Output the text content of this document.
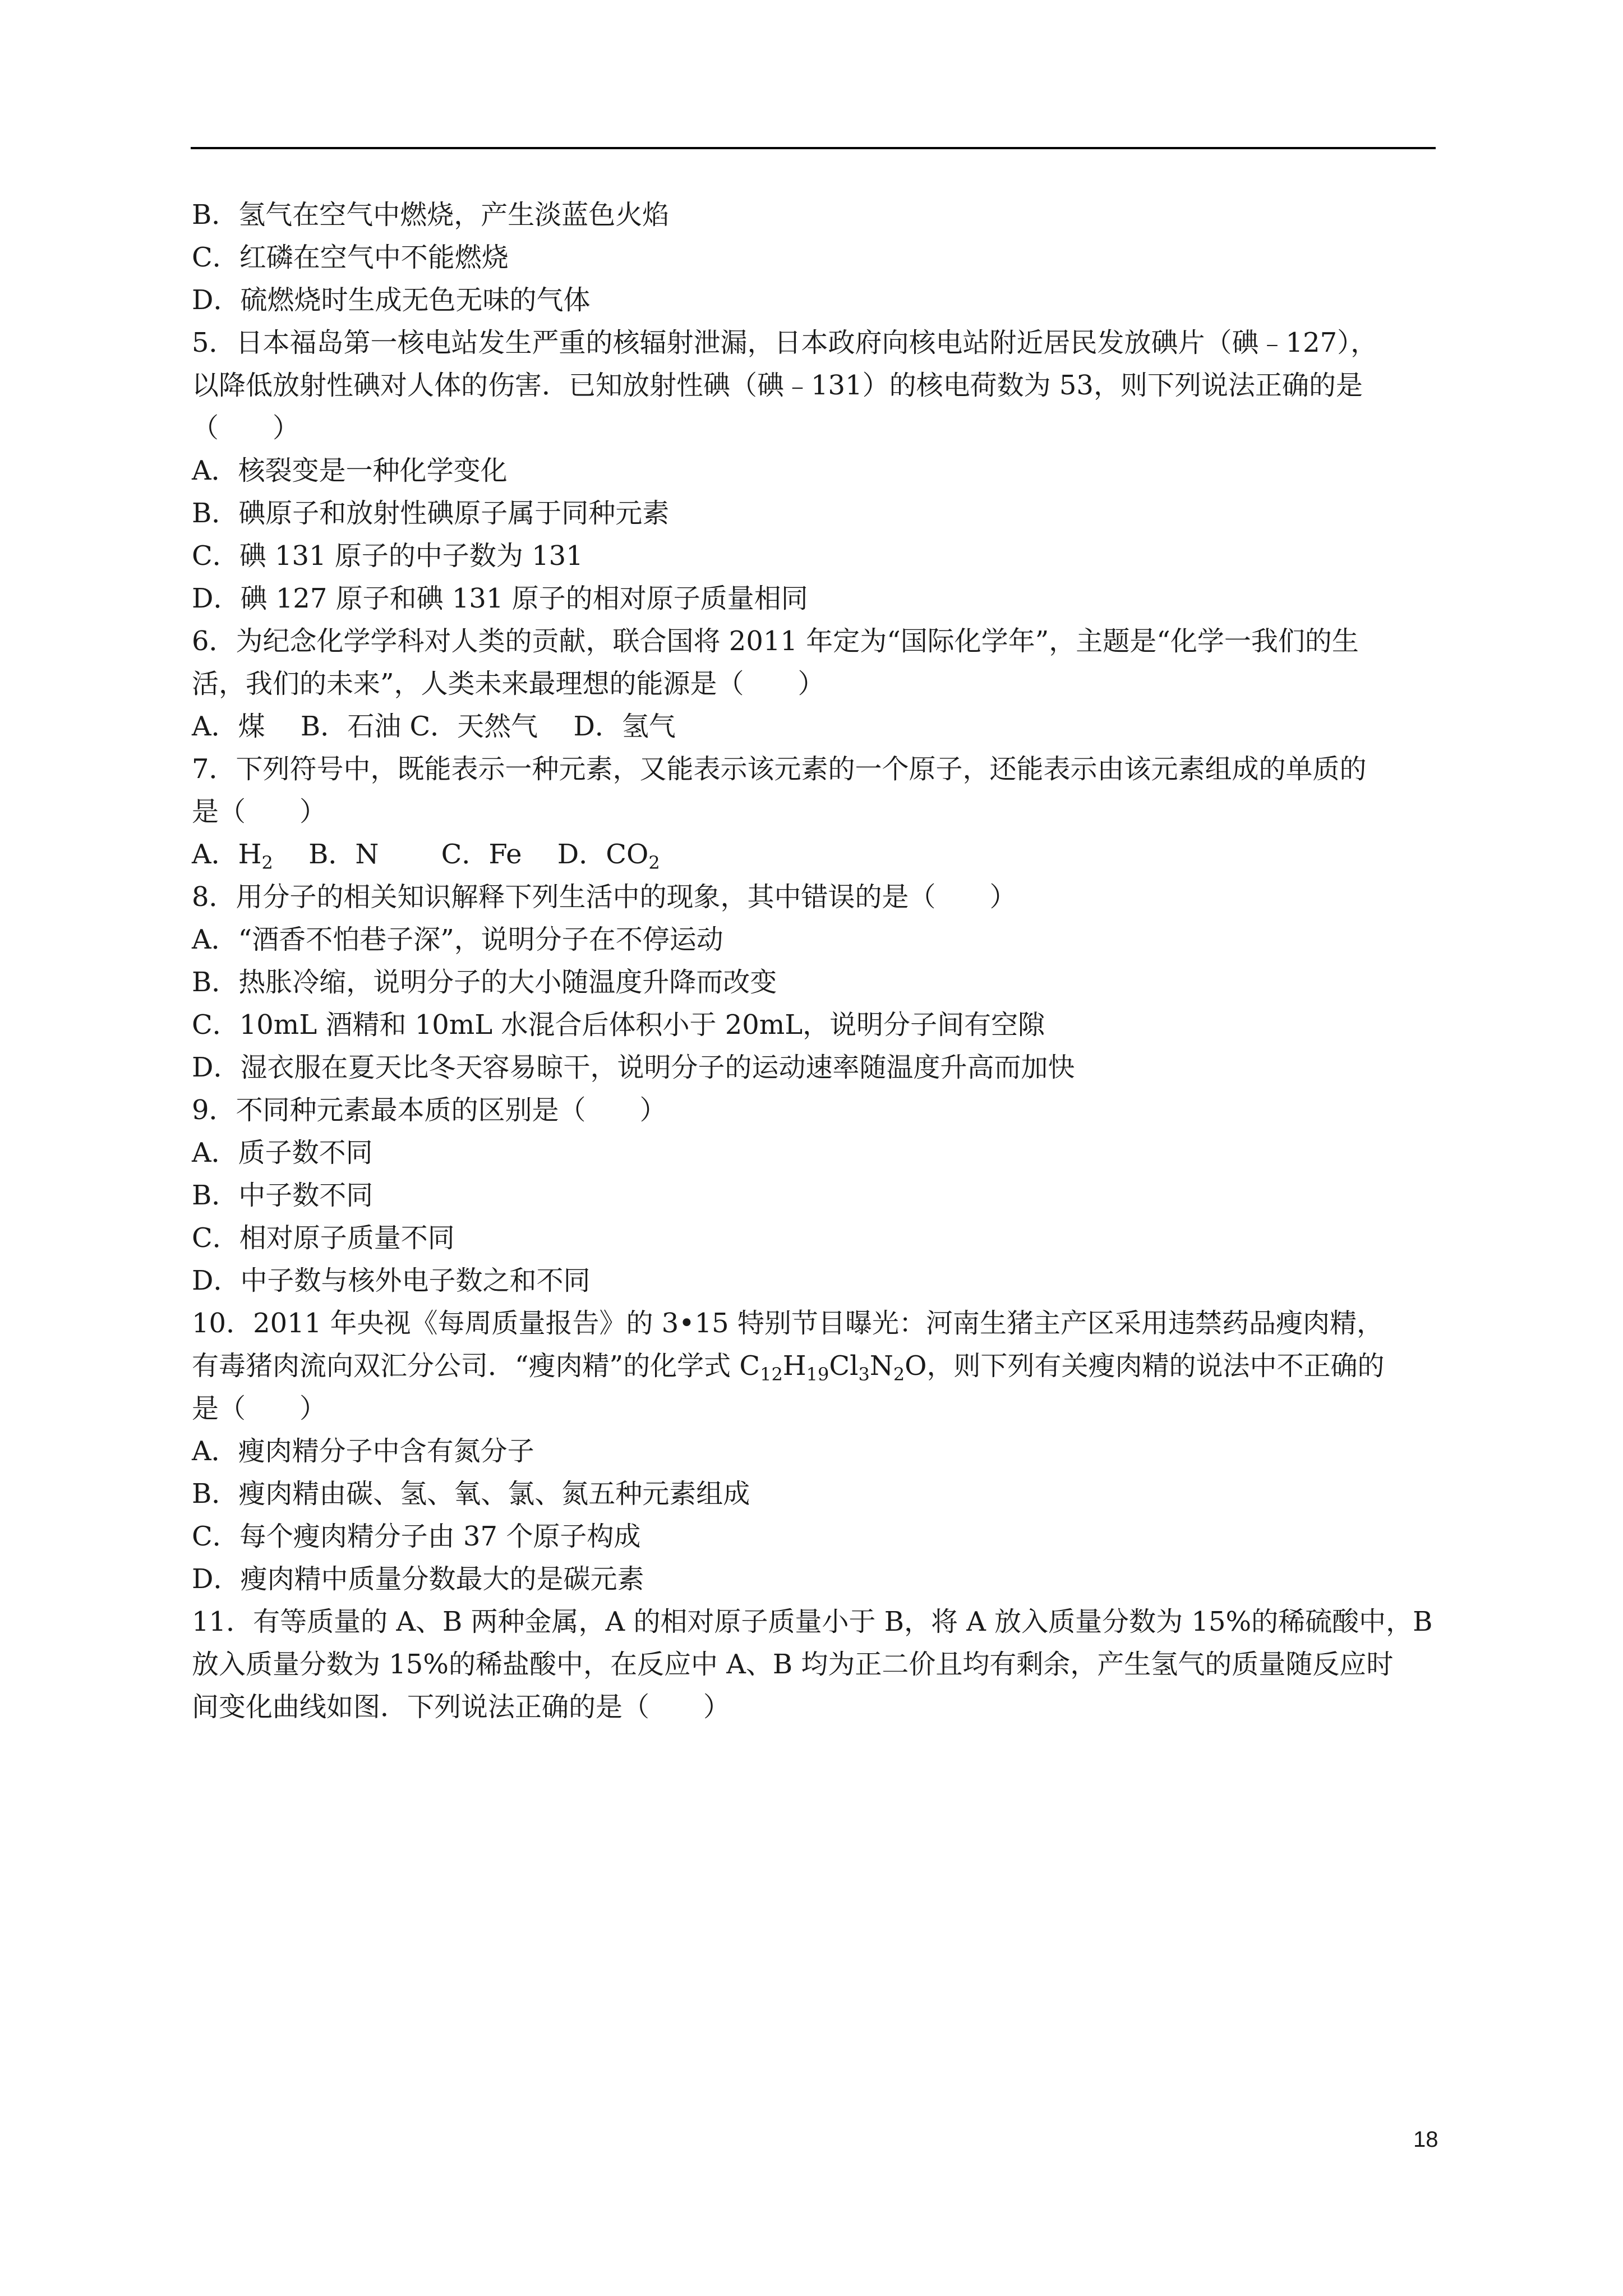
B．氢气在空气中燃烧，产生淡蓝色火焰
C．红磷在空气中不能燃烧
D．硫燃烧时生成无色无味的气体
5．日本福岛第一核电站发生严重的核辐射泄漏，日本政府向核电站附近居民发放碘片（碘﹣127），
以降低放射性碘对人体的伤害．已知放射性碘（碘﹣131）的核电荷数为 53，则下列说法正确的是
（　　）
A．核裂变是一种化学变化
B．碘原子和放射性碘原子属于同种元素
C．碘 131 原子的中子数为 131
D．碘 127 原子和碘 131 原子的相对原子质量相同
6．为纪念化学学科对人类的贡献，联合国将 2011 年定为“国际化学年”，主题是“化学一我们的生
活，我们的未来”，人类未来最理想的能源是（　　）
A．煤　 B．石油 C．天然气　 D．氢气
7．下列符号中，既能表示一种元素，又能表示该元素的一个原子，还能表示由该元素组成的单质的
是（　　）
A．$H_2$　 B．N　　 C．Fe　 D．$CO_2$
8．用分子的相关知识解释下列生活中的现象，其中错误的是（　　）
A．“酒香不怕巷子深”，说明分子在不停运动
B．热胀冷缩，说明分子的大小随温度升降而改变
C．10mL 酒精和 10mL 水混合后体积小于 20mL，说明分子间有空隙
D．湿衣服在夏天比冬天容易晾干，说明分子的运动速率随温度升高而加快
9．不同种元素最本质的区别是（　　）
A．质子数不同
B．中子数不同
C．相对原子质量不同
D．中子数与核外电子数之和不同
10．2011 年央视《每周质量报告》的 3•15 特别节目曝光：河南生猪主产区采用违禁药品瘦肉精，
有毒猪肉流向双汇分公司．“瘦肉精”的化学式 $C_{12}H_{19}Cl_3N_2O$，则下列有关瘦肉精的说法中不正确的
是（　　）
A．瘦肉精分子中含有氮分子
B．瘦肉精由碳、氢、氧、氯、氮五种元素组成
C．每个瘦肉精分子由 37 个原子构成
D．瘦肉精中质量分数最大的是碳元素
11．有等质量的 A、B 两种金属，A 的相对原子质量小于 B，将 A 放入质量分数为 15%的稀硫酸中，B
放入质量分数为 15%的稀盐酸中，在反应中 A、B 均为正二价且均有剩余，产生氢气的质量随反应时
间变化曲线如图．下列说法正确的是（　　）
18
